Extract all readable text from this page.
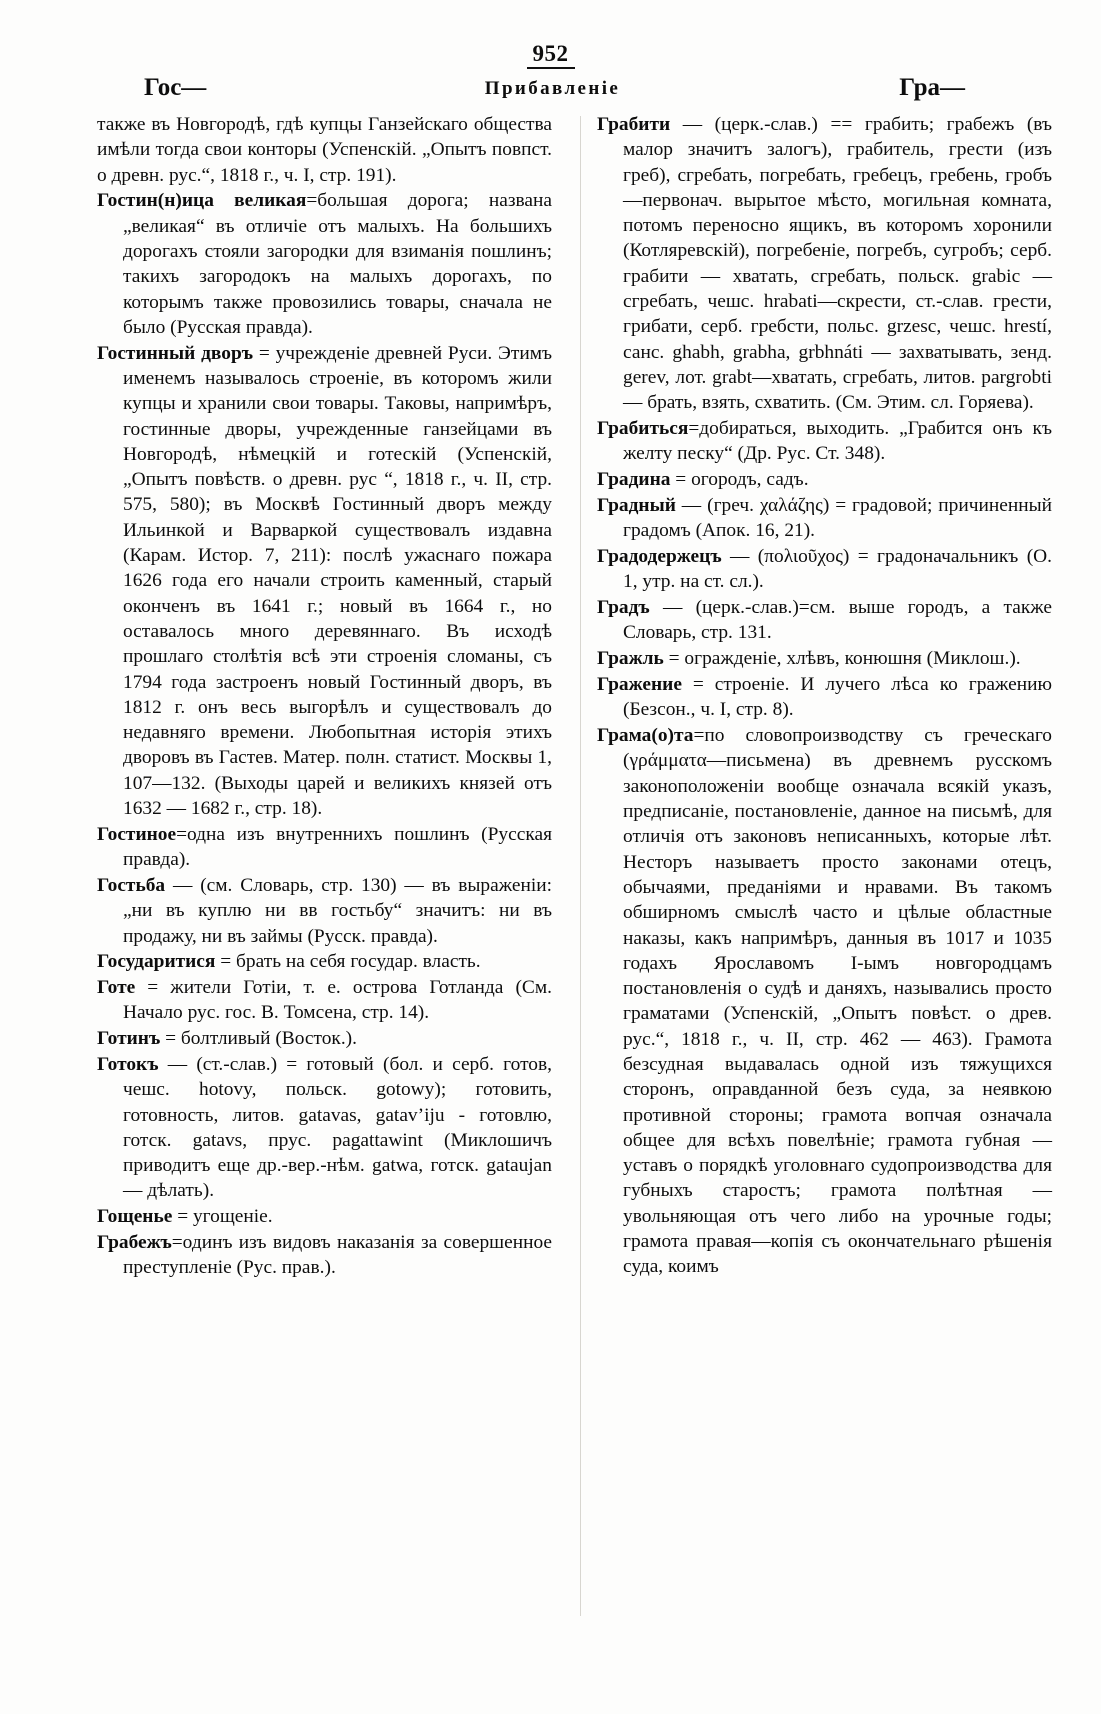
952
Гос—	Прибавленіе	Гра—

также въ Новгородѣ, гдѣ купцы Ганзейскаго общества имѣли тогда свои конторы (Успенскій. „Опытъ повпст. о древн. рус.“, 1818 г., ч. I, стр. 191).

Гостин(н)ица великая=большая дорога; названа „великая“ въ отличіе отъ малыхъ. На большихъ дорогахъ стояли загородки для взиманія пошлинъ; такихъ загородокъ на малыхъ дорогахъ, по которымъ также провозились товары, сначала не было (Русская правда).

Гостинный дворъ = учрежденіе древней Руси. Этимъ именемъ называлось строеніе, въ которомъ жили купцы и хранили свои товары. Таковы, напримѣръ, гостинные дворы, учрежденные ганзейцами въ Новгородѣ, нѣмецкій и готескій (Успенскій, „Опытъ повѣств. о древн. рус “, 1818 г., ч. II, стр. 575, 580); въ Москвѣ Гостинный дворъ между Ильинкой и Варваркой существовалъ издавна (Карам. Истор. 7, 211): послѣ ужаснаго пожара 1626 года его начали строить каменный, старый оконченъ въ 1641 г.; новый въ 1664 г., но оставалось много деревяннаго. Въ исходѣ прошлаго столѣтія всѣ эти строенія сломаны, съ 1794 года застроенъ новый Гостинный дворъ, въ 1812 г. онъ весь выгорѣлъ и существовалъ до недавняго времени. Любопытная исторія этихъ дворовъ въ Гастев. Матер. полн. статист. Москвы 1, 107—132. (Выходы царей и великихъ князей отъ 1632 — 1682 г., стр. 18).

Гостиное=одна изъ внутреннихъ пошлинъ (Русская правда).

Гостьба — (см. Словарь, стр. 130) — въ выраженіи: „ни въ куплю ни вв гостьбу“ значитъ: ни въ продажу, ни въ займы (Русск. правда).

Государитися = брать на себя государ. власть.

Готе = жители Готіи, т. е. острова Готланда (См. Начало рус. гос. В. Томсена, стр. 14).

Готинъ = болтливый (Восток.).

Готокъ — (ст.-слав.) = готовый (бол. и серб. готов, чешс. hotovy, польск. gotowy); готовить, готовность, литов. gatavas, gatav’iju - готовлю, готск. gatavs, прус. pagattawint (Миклошичъ приводитъ еще др.-вер.-нѣм. gatwa, готск. gataujan — дѣлать).

Гощенье = угощеніе.

Грабежъ=одинъ изъ видовъ наказанія за совершенное преступленіе (Рус. прав.).

Грабити — (церк.-слав.) == грабить; грабежъ (въ малор значитъ залогъ), грабитель, грести (изъ греб), сгребать, погребать, гребецъ, гребень, гробъ—первонач. вырытое мѣсто, могильная комната, потомъ переносно ящикъ, въ которомъ хоронили (Котляревскій), погребеніе, погребъ, сугробъ; серб. грабити — хватать, сгребать, польск. grabic — сгребать, чешс. hrabati—скрести, ст.-слав. грести, грибати, серб. гребсти, польс. grzesc, чешс. hrestí, санс. ghabh, grabha, grbhnáti — захватывать, зенд. gerev, лот. grabt—хватать, сгребать, литов. pargrobti — брать, взять, схватить. (См. Этим. сл. Горяева).

Грабиться=добираться, выходить. „Грабится онъ къ желту песку“ (Др. Рус. Ст. 348).

Градина = огородъ, садъ.

Градный — (греч. χαλάζης) = градовой; причиненный градомъ (Апок. 16, 21).

Градодержецъ — (πολιοῦχος) = градоначальникъ (О. 1, утр. на ст. сл.).

Градъ — (церк.-слав.)=см. выше городъ, а также Словарь, стр. 131.

Гражль = огражденіе, хлѣвъ, конюшня (Миклош.).

Гражение = строеніе. И лучего лѣса ко гражению (Безсон., ч. I, стр. 8).

Грама(о)та=по словопроизводству съ греческаго (γράμματα—письмена) въ древнемъ русскомъ законоположеніи вообще означала всякій указъ, предписаніе, постановленіе, данное на письмѣ, для отличія отъ законовъ неписанныхъ, которые лѣт. Несторъ называетъ просто законами отецъ, обычаями, преданіями и нравами. Въ такомъ обширномъ смыслѣ часто и цѣлые областные наказы, какъ напримѣръ, данныя въ 1017 и 1035 годахъ Ярославомъ I-ымъ новгородцамъ постановленія о судѣ и даняхъ, назывались просто граматами (Успенскій, „Опытъ повѣст. о древ. рус.“, 1818 г., ч. II, стр. 462 — 463). Грамота безсудная выдавалась одной изъ тяжущихся сторонъ, оправданной безъ суда, за неявкою противной стороны; грамота вопчая означала общее для всѣхъ повелѣніе; грамота губная — уставъ о порядкѣ уголовнаго судопроизводства для губныхъ старостъ; грамота полѣтная — увольняющая отъ чего либо на урочные годы; грамота правая—копія съ окончательнаго рѣшенія суда, коимъ
